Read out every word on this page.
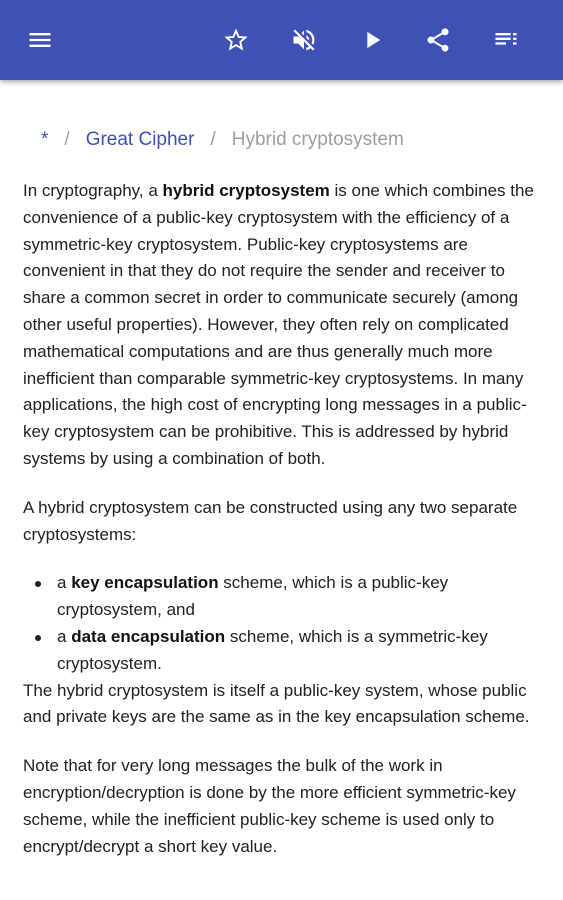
* / Great Cipher / Hybrid cryptosystem

In cryptography, a hybrid cryptosystem is one which combines the convenience of a public-key cryptosystem with the efficiency of a symmetric-key cryptosystem. Public-key cryptosystems are convenient in that they do not require the sender and receiver to share a common secret in order to communicate securely (among other useful properties). However, they often rely on complicated mathematical computations and are thus generally much more inefficient than comparable symmetric-key cryptosystems. In many applications, the high cost of encrypting long messages in a public-key cryptosystem can be prohibitive. This is addressed by hybrid systems by using a combination of both.

A hybrid cryptosystem can be constructed using any two separate cryptosystems:

a key encapsulation scheme, which is a public-key cryptosystem, and
a data encapsulation scheme, which is a symmetric-key cryptosystem.

The hybrid cryptosystem is itself a public-key system, whose public and private keys are the same as in the key encapsulation scheme.

Note that for very long messages the bulk of the work in encryption/decryption is done by the more efficient symmetric-key scheme, while the inefficient public-key scheme is used only to encrypt/decrypt a short key value.
